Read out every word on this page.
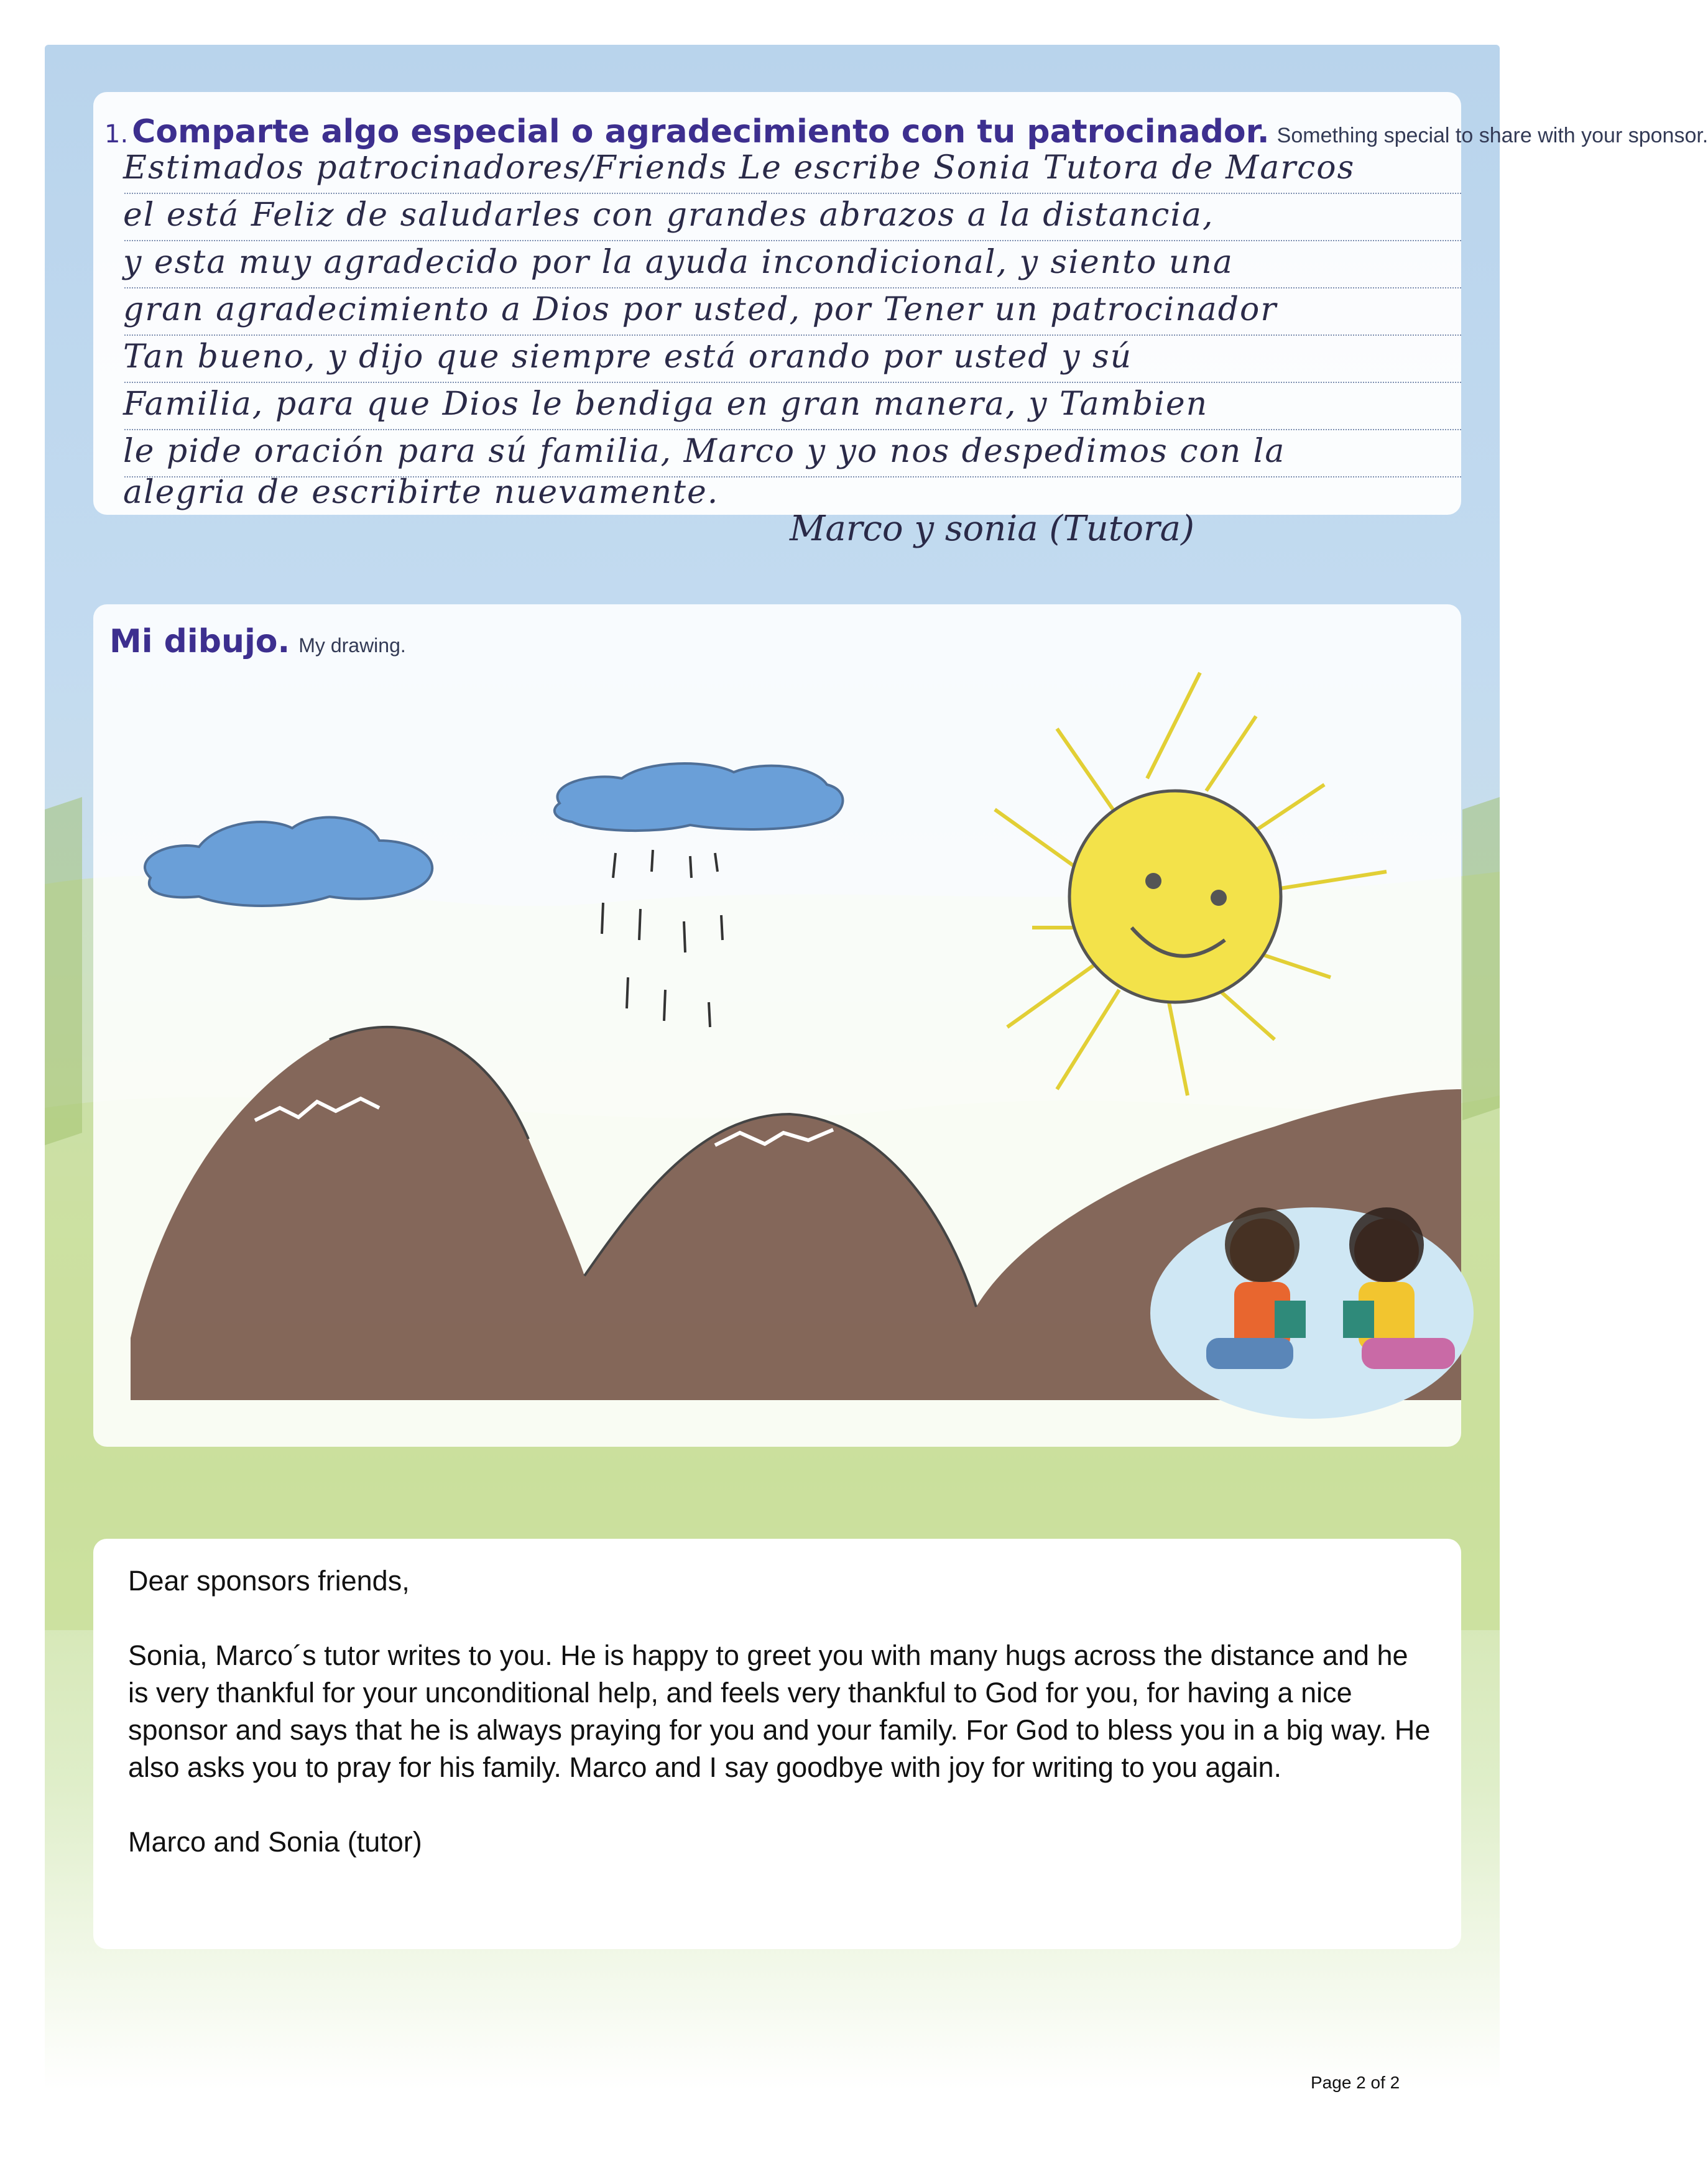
1. Comparte algo especial o agradecimiento con tu patrocinador. Something special to share with your sponsor.
Estimados patrocinadores/Friends Le escribe Sonia Tutora de Marcos
el está Feliz de saludarles con grandes abrazos a la distancia,
y esta muy agradecido por la ayuda incondicional, y siento una
gran agradecimiento a Dios por usted, por Tener un patrocinador
Tan bueno, y dijo que siempre está orando por usted y sú
Familia, para que Dios le bendiga en gran manera, y Tambien
le pide oración para sú familia, Marco y yo nos despedimos con la
alegria de escribirte nuevamente.
Marco y sonia (Tutora)
Mi dibujo. My drawing.

Dear sponsors friends,

Sonia, Marco´s tutor writes to you. He is happy to greet you with many hugs across the distance and he is very thankful for your unconditional help, and feels very thankful to God for you, for having a nice sponsor and says that he is always praying for you and your family. For God to bless you in a big way. He also asks you to pray for his family. Marco and I say goodbye with joy for writing to you again.

Marco and Sonia (tutor)

Page 2 of 2
